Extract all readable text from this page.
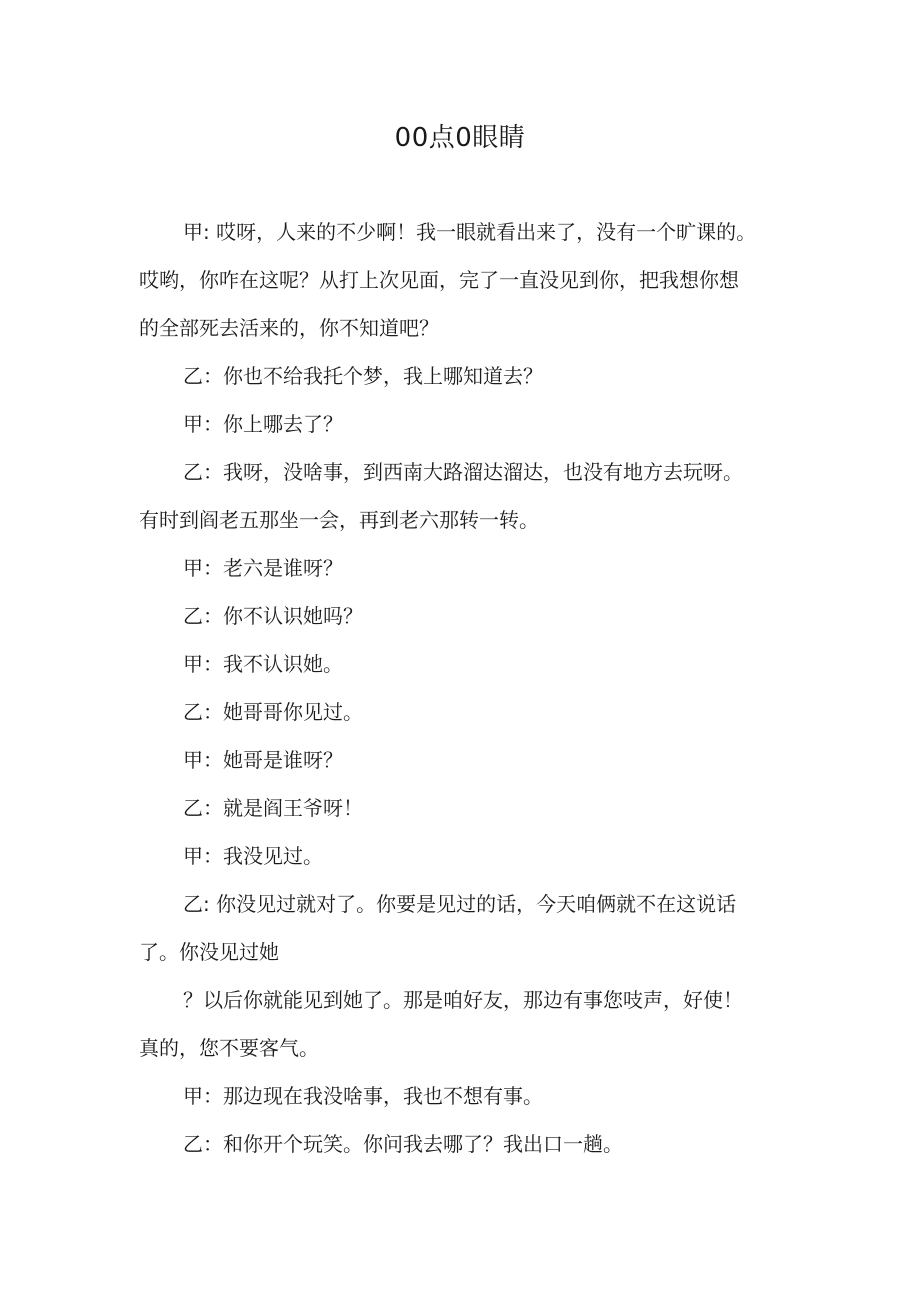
00点0眼睛
甲: 哎呀，人来的不少啊！我一眼就看出来了，没有一个旷课的。
哎哟，你咋在这呢？从打上次见面，完了一直没见到你，把我想你想
的全部死去活来的，你不知道吧？
乙：你也不给我托个梦，我上哪知道去？
甲：你上哪去了？
乙：我呀，没啥事，到西南大路溜达溜达，也没有地方去玩呀。
有时到阎老五那坐一会，再到老六那转一转。
甲：老六是谁呀？
乙：你不认识她吗？
甲：我不认识她。
乙：她哥哥你见过。
甲：她哥是谁呀？
乙：就是阎王爷呀！
甲：我没见过。
乙: 你没见过就对了。你要是见过的话，今天咱俩就不在这说话
了。你没见过她
？以后你就能见到她了。那是咱好友，那边有事您吱声，好使！
真的，您不要客气。
甲：那边现在我没啥事，我也不想有事。
乙：和你开个玩笑。你问我去哪了？我出口一趟。
